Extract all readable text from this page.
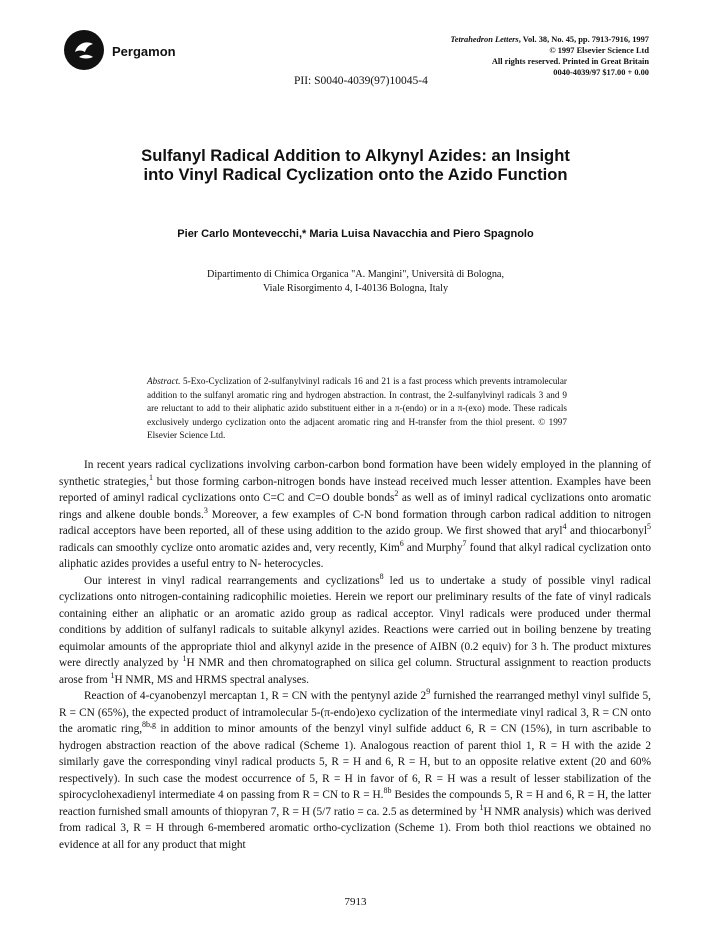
Pergamon
Tetrahedron Letters, Vol. 38, No. 45, pp. 7913-7916, 1997
© 1997 Elsevier Science Ltd
All rights reserved. Printed in Great Britain
0040-4039/97 $17.00 + 0.00
PII: S0040-4039(97)10045-4
Sulfanyl Radical Addition to Alkynyl Azides: an Insight
into Vinyl Radical Cyclization onto the Azido Function
Pier Carlo Montevecchi,* Maria Luisa Navacchia and Piero Spagnolo
Dipartimento di Chimica Organica "A. Mangini", Università di Bologna,
Viale Risorgimento 4, I-40136 Bologna, Italy
Abstract. 5-Exo-Cyclization of 2-sulfanylvinyl radicals 16 and 21 is a fast process which prevents intramolecular addition to the sulfanyl aromatic ring and hydrogen abstraction. In contrast, the 2-sulfanylvinyl radicals 3 and 9 are reluctant to add to their aliphatic azido substituent either in a π-(endo) or in a π-(exo) mode. These radicals exclusively undergo cyclization onto the adjacent aromatic ring and H-transfer from the thiol present. © 1997 Elsevier Science Ltd.

In recent years radical cyclizations involving carbon-carbon bond formation have been widely employed in the planning of synthetic strategies,$^1$ but those forming carbon-nitrogen bonds have instead received much lesser attention. Examples have been reported of aminyl radical cyclizations onto C=C and C=O double bonds$^2$ as well as of iminyl radical cyclizations onto aromatic rings and alkene double bonds.$^3$ Moreover, a few examples of C-N bond formation through carbon radical addition to nitrogen radical acceptors have been reported, all of these using addition to the azido group. We first showed that aryl$^4$ and thiocarbonyl$^5$ radicals can smoothly cyclize onto aromatic azides and, very recently, Kim$^6$ and Murphy$^7$ found that alkyl radical cyclization onto aliphatic azides provides a useful entry to N- heterocycles.

Our interest in vinyl radical rearrangements and cyclizations$^8$ led us to undertake a study of possible vinyl radical cyclizations onto nitrogen-containing radicophilic moieties. Herein we report our preliminary results of the fate of vinyl radicals containing either an aliphatic or an aromatic azido group as radical acceptor. Vinyl radicals were produced under thermal conditions by addition of sulfanyl radicals to suitable alkynyl azides. Reactions were carried out in boiling benzene by treating equimolar amounts of the appropriate thiol and alkynyl azide in the presence of AIBN (0.2 equiv) for 3 h. The product mixtures were directly analyzed by $^1$H NMR and then chromatographed on silica gel column. Structural assignment to reaction products arose from $^1$H NMR, MS and HRMS spectral analyses.

Reaction of 4-cyanobenzyl mercaptan 1, R = CN with the pentynyl azide $2^9$ furnished the rearranged methyl vinyl sulfide 5, R = CN (65%), the expected product of intramolecular 5-(π-endo)exo cyclization of the intermediate vinyl radical 3, R = CN onto the aromatic ring,$^{8b,g}$ in addition to minor amounts of the benzyl vinyl sulfide adduct 6, R = CN (15%), in turn ascribable to hydrogen abstraction reaction of the above radical (Scheme 1). Analogous reaction of parent thiol 1, R = H with the azide 2 similarly gave the corresponding vinyl radical products 5, R = H and 6, R = H, but to an opposite relative extent (20 and 60% respectively). In such case the modest occurrence of 5, R = H in favor of 6, R = H was a result of lesser stabilization of the spirocyclohexadienyl intermediate 4 on passing from R = CN to R = H.$^{8b}$ Besides the compounds 5, R = H and 6, R = H, the latter reaction furnished small amounts of thiopyran 7, R = H (5/7 ratio = ca. 2.5 as determined by $^1$H NMR analysis) which was derived from radical 3, R = H through 6-membered aromatic ortho-cyclization (Scheme 1). From both thiol reactions we obtained no evidence at all for any product that might

7913
